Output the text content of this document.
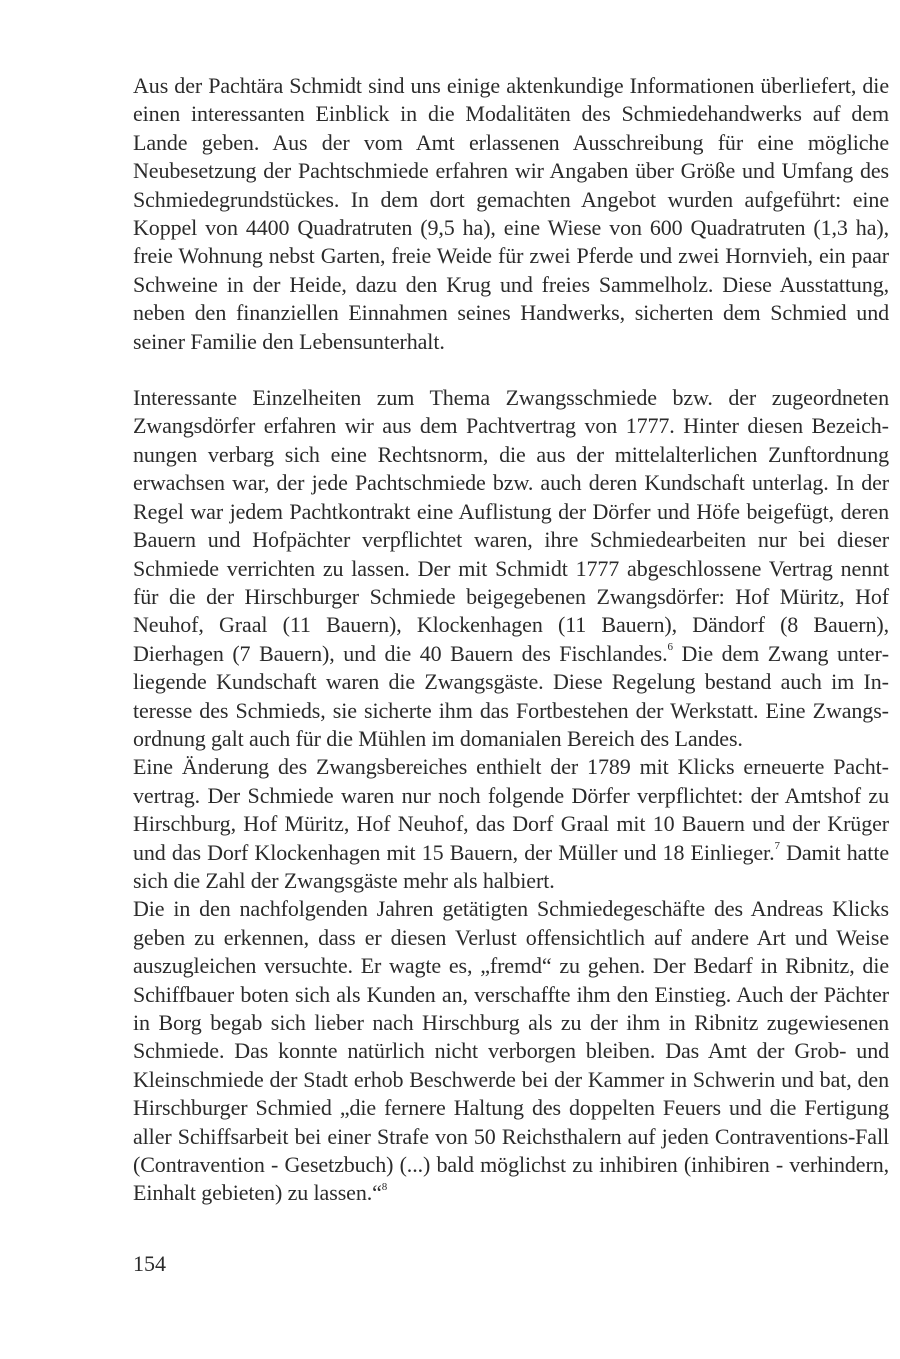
Aus der Pachtära Schmidt sind uns einige aktenkundige Informationen überliefert, die einen interessanten Einblick in die Modalitäten des Schmiedehandwerks auf dem Lande geben. Aus der vom Amt erlassenen Ausschreibung für eine mögliche Neubesetzung der Pachtschmiede erfahren wir Angaben über Größe und Umfang des Schmiedegrundstückes. In dem dort gemachten Angebot wurden aufgeführt: eine Koppel von 4400 Quadratruten (9,5 ha), eine Wiese von 600 Quadratruten (1,3 ha), freie Wohnung nebst Garten, freie Weide für zwei Pferde und zwei Hornvieh, ein paar Schweine in der Heide, dazu den Krug und freies Sammelholz. Diese Ausstattung, neben den finanziellen Einnahmen seines Handwerks, sicherten dem Schmied und seiner Familie den Lebensunterhalt.

Interessante Einzelheiten zum Thema Zwangsschmiede bzw. der zugeordneten Zwangsdörfer erfahren wir aus dem Pachtvertrag von 1777. Hinter diesen Bezeichnungen verbarg sich eine Rechtsnorm, die aus der mittelalterlichen Zunftordnung erwachsen war, der jede Pachtschmiede bzw. auch deren Kundschaft unterlag. In der Regel war jedem Pachtkontrakt eine Auflistung der Dörfer und Höfe beigefügt, deren Bauern und Hofpächter verpflichtet waren, ihre Schmiedearbeiten nur bei dieser Schmiede verrichten zu lassen. Der mit Schmidt 1777 abgeschlossene Vertrag nennt für die der Hirschburger Schmiede beigegebenen Zwangsdörfer: Hof Müritz, Hof Neuhof, Graal (11 Bauern), Klockenhagen (11 Bauern), Dändorf (8 Bauern), Dierhagen (7 Bauern), und die 40 Bauern des Fischlandes.$^6$ Die dem Zwang unterliegende Kundschaft waren die Zwangsgäste. Diese Regelung bestand auch im Interesse des Schmieds, sie sicherte ihm das Fortbestehen der Werkstatt. Eine Zwangsordnung galt auch für die Mühlen im domanialen Bereich des Landes.

Eine Änderung des Zwangsbereiches enthielt der 1789 mit Klicks erneuerte Pachtvertrag. Der Schmiede waren nur noch folgende Dörfer verpflichtet: der Amtshof zu Hirschburg, Hof Müritz, Hof Neuhof, das Dorf Graal mit 10 Bauern und der Krüger und das Dorf Klockenhagen mit 15 Bauern, der Müller und 18 Einlieger.$^7$ Damit hatte sich die Zahl der Zwangsgäste mehr als halbiert.

Die in den nachfolgenden Jahren getätigten Schmiedegeschäfte des Andreas Klicks geben zu erkennen, dass er diesen Verlust offensichtlich auf andere Art und Weise auszugleichen versuchte. Er wagte es, „fremd“ zu gehen. Der Bedarf in Ribnitz, die Schiffbauer boten sich als Kunden an, verschaffte ihm den Einstieg. Auch der Pächter in Borg begab sich lieber nach Hirschburg als zu der ihm in Ribnitz zugewiesenen Schmiede. Das konnte natürlich nicht verborgen bleiben. Das Amt der Grob- und Kleinschmiede der Stadt erhob Beschwerde bei der Kammer in Schwerin und bat, den Hirschburger Schmied „die fernere Haltung des doppelten Feuers und die Fertigung aller Schiffsarbeit bei einer Strafe von 50 Reichsthalern auf jeden Contraventions-Fall (Contravention - Gesetzbuch) (...) bald möglichst zu inhibiren (inhibiren - verhindern, Einhalt gebieten) zu lassen.“$^8$

154
